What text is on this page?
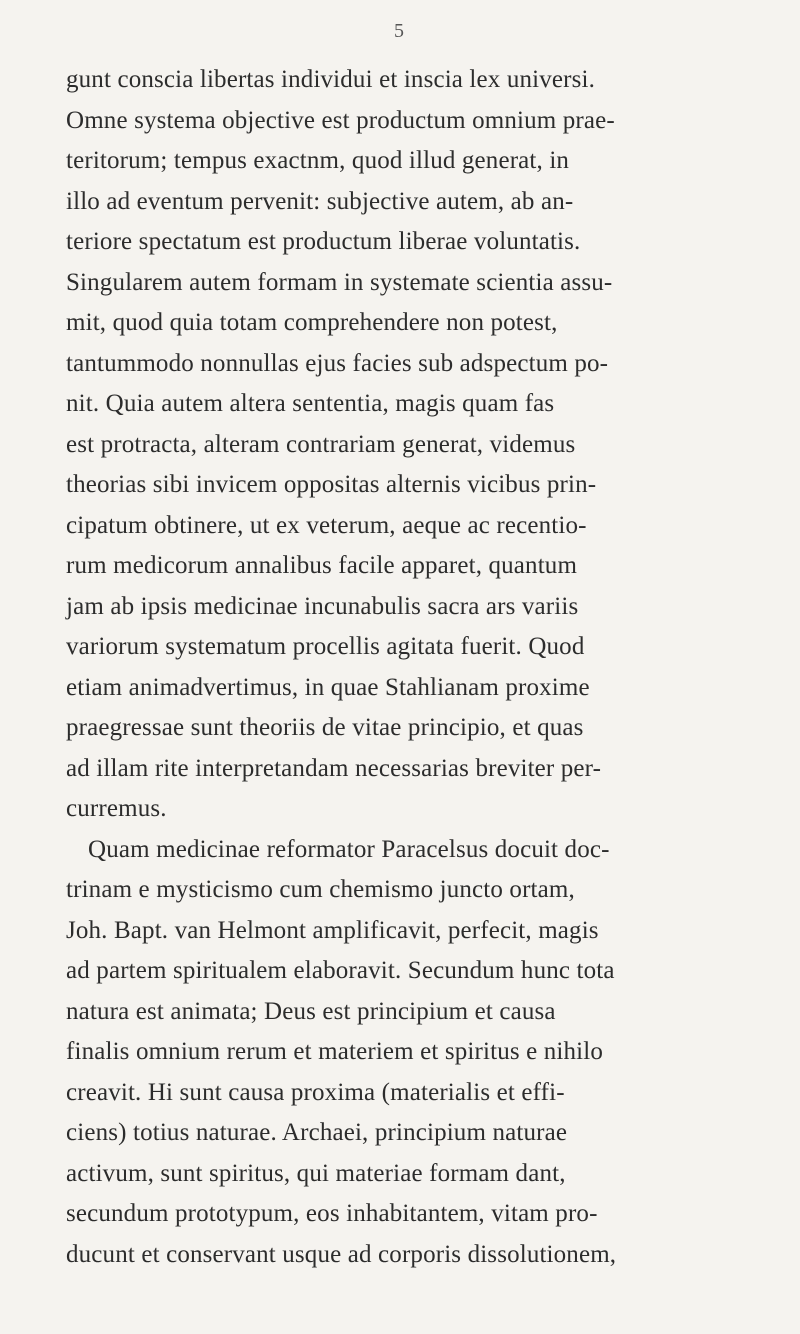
5
gunt conscia libertas individui et inscia lex universi.
Omne systema objective est productum omnium prae-
teritorum; tempus exactnm, quod illud generat, in
illo ad eventum pervenit: subjective autem, ab an-
teriore spectatum est productum liberae voluntatis.
Singularem autem formam in systemate scientia assu-
mit, quod quia totam comprehendere non potest,
tantummodo nonnullas ejus facies sub adspectum po-
nit. Quia autem altera sententia, magis quam fas
est protracta, alteram contrariam generat, videmus
theorias sibi invicem oppositas alternis vicibus prin-
cipatum obtinere, ut ex veterum, aeque ac recentio-
rum medicorum annalibus facile apparet, quantum
jam ab ipsis medicinae incunabulis sacra ars variis
variorum systematum procellis agitata fuerit. Quod
etiam animadvertimus, in quae Stahlianam proxime
praegressae sunt theoriis de vitae principio, et quas
ad illam rite interpretandam necessarias breviter per-
curremus.
Quam medicinae reformator Paracelsus docuit doc-
trinam e mysticismo cum chemismo juncto ortam,
Joh. Bapt. van Helmont amplificavit, perfecit, magis
ad partem spiritualem elaboravit. Secundum hunc tota
natura est animata; Deus est principium et causa
finalis omnium rerum et materiem et spiritus e nihilo
creavit. Hi sunt causa proxima (materialis et effi-
ciens) totius naturae. Archaei, principium naturae
activum, sunt spiritus, qui materiae formam dant,
secundum prototypum, eos inhabitantem, vitam pro-
ducunt et conservant usque ad corporis dissolutionem,
